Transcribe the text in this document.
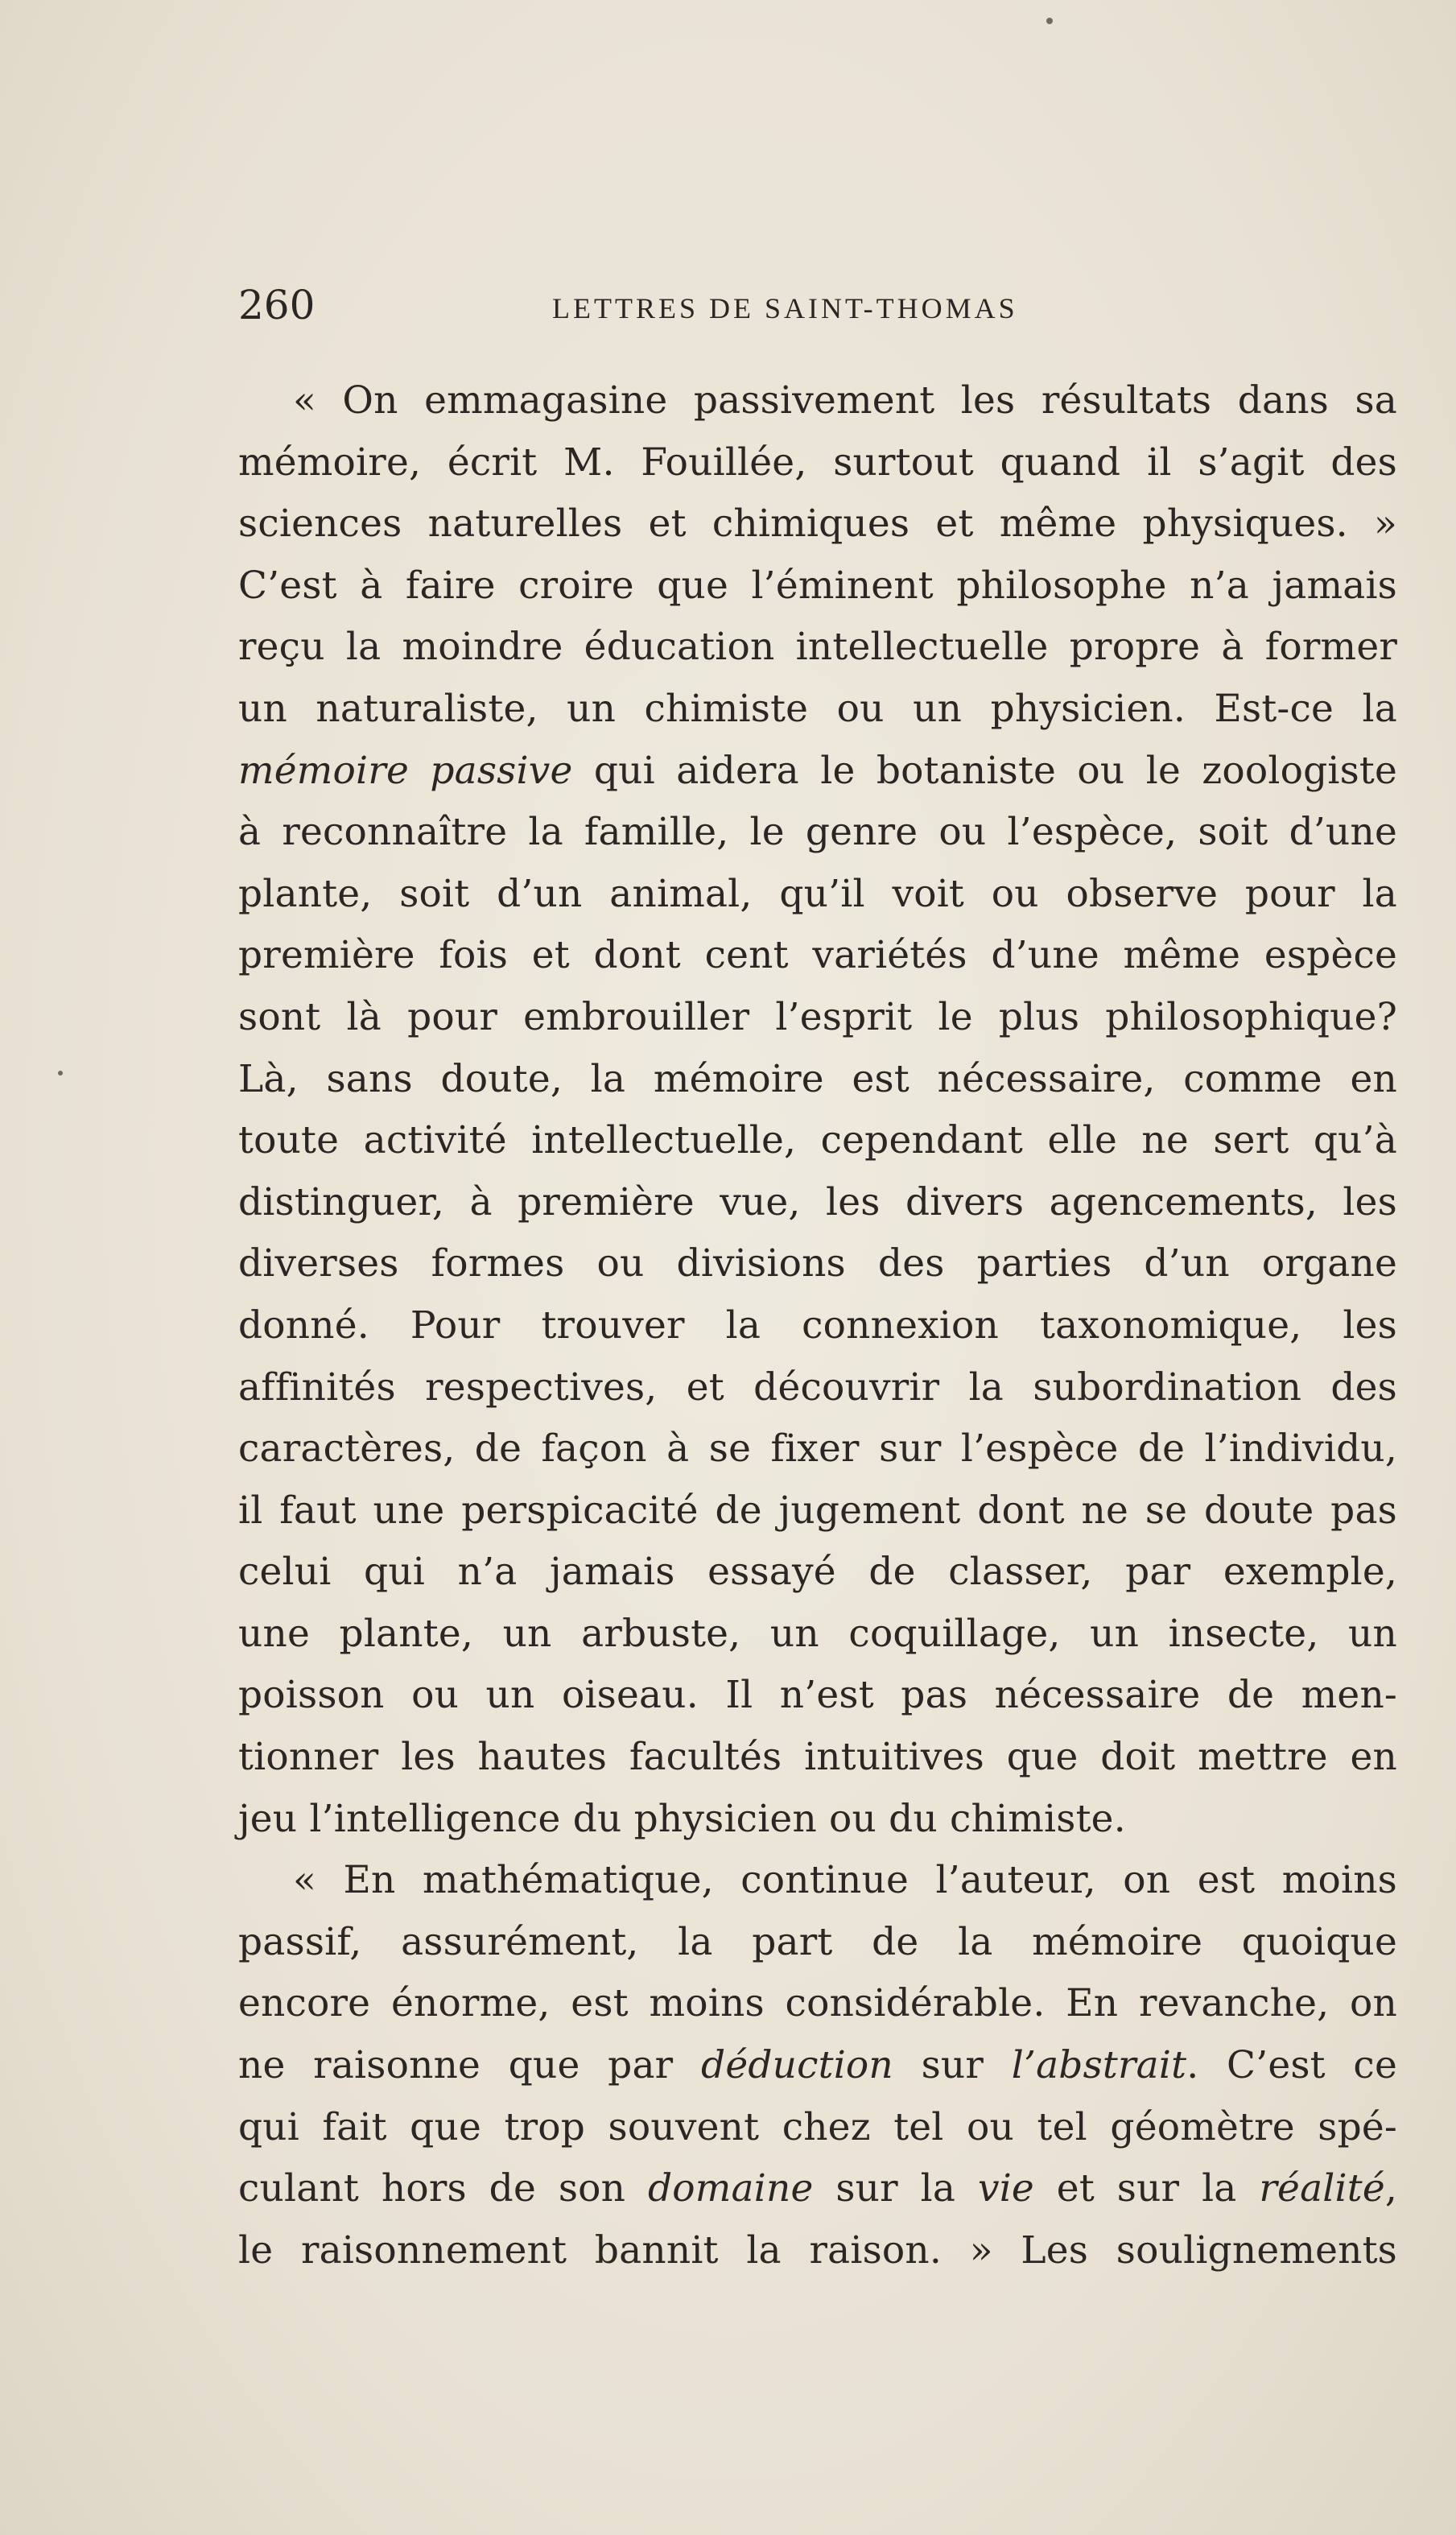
260	LETTRES DE SAINT-THOMAS
« On emmagasine passivement les résultats dans sa
mémoire, écrit M. Fouillée, surtout quand il s’agit des
sciences naturelles et chimiques et même physiques. »
C’est à faire croire que l’éminent philosophe n’a jamais
reçu la moindre éducation intellectuelle propre à former
un naturaliste, un chimiste ou un physicien. Est-ce la
mémoire passive qui aidera le botaniste ou le zoologiste
à reconnaître la famille, le genre ou l’espèce, soit d’une
plante, soit d’un animal, qu’il voit ou observe pour la
première fois et dont cent variétés d’une même espèce
sont là pour embrouiller l’esprit le plus philosophique?
Là, sans doute, la mémoire est nécessaire, comme en
toute activité intellectuelle, cependant elle ne sert qu’à
distinguer, à première vue, les divers agencements, les
diverses formes ou divisions des parties d’un organe
donné. Pour trouver la connexion taxonomique, les
affinités respectives, et découvrir la subordination des
caractères, de façon à se fixer sur l’espèce de l’individu,
il faut une perspicacité de jugement dont ne se doute pas
celui qui n’a jamais essayé de classer, par exemple,
une plante, un arbuste, un coquillage, un insecte, un
poisson ou un oiseau. Il n’est pas nécessaire de men-
tionner les hautes facultés intuitives que doit mettre en
jeu l’intelligence du physicien ou du chimiste.
« En mathématique, continue l’auteur, on est moins
passif, assurément, la part de la mémoire quoique
encore énorme, est moins considérable. En revanche, on
ne raisonne que par déduction sur l’abstrait. C’est ce
qui fait que trop souvent chez tel ou tel géomètre spé-
culant hors de son domaine sur la vie et sur la réalité,
le raisonnement bannit la raison. » Les soulignements
